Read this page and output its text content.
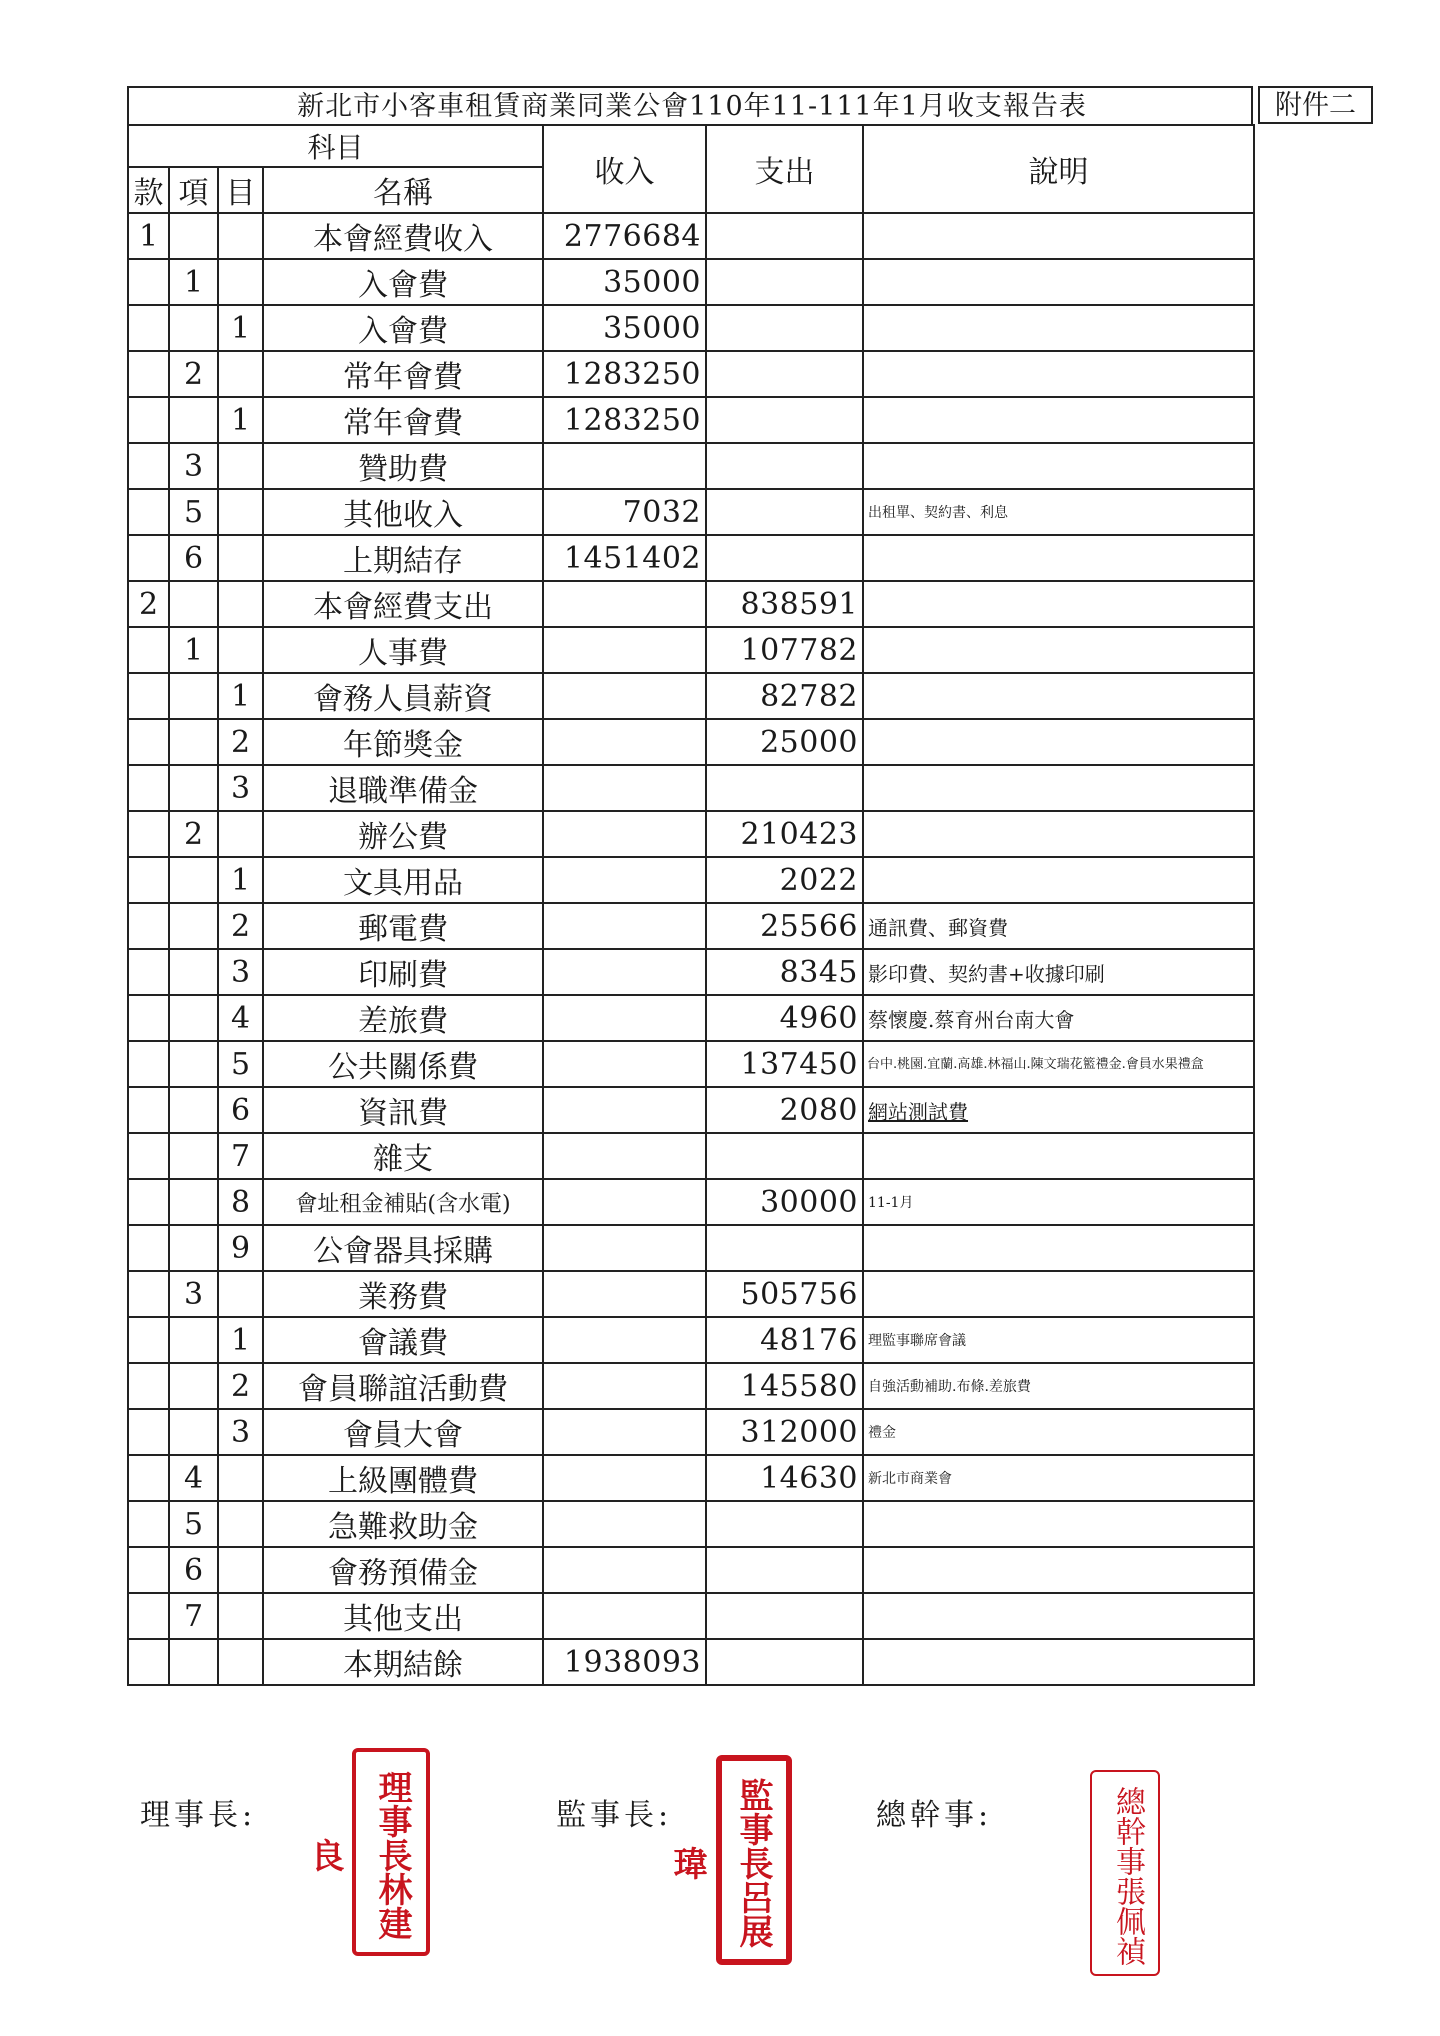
新北市小客車租賃商業同業公會110年11-111年1月收支報告表
科目				收入	支出	說明
款	項	目	名稱			
1			本會經費收入	2776684		
	1		入會費	35000		
		1	入會費	35000		
	2		常年會費	1283250		
		1	常年會費	1283250		
	3		贊助費			
	5		其他收入	7032		出租單、契約書、利息
	6		上期結存	1451402		
2			本會經費支出		838591	
	1		人事費		107782	
		1	會務人員薪資		82782	
		2	年節獎金		25000	
		3	退職準備金			
	2		辦公費		210423	
		1	文具用品		2022	
		2	郵電費		25566	通訊費、郵資費
		3	印刷費		8345	影印費、契約書+收據印刷
		4	差旅費		4960	蔡懷慶.蔡育州台南大會
		5	公共關係費		137450	台中.桃園.宜蘭.高雄.林福山.陳文瑞花籃禮金.會員水果禮盒
		6	資訊費		2080	網站測試費
		7	雜支			
		8	會址租金補貼(含水電)		30000	11-1月
		9	公會器具採購			
	3		業務費		505756	
		1	會議費		48176	理監事聯席會議
		2	會員聯誼活動費		145580	自強活動補助.布條.差旅費
		3	會員大會		312000	禮金
	4		上級團體費		14630	新北市商業會
	5		急難救助金			
	6		會務預備金			
	7		其他支出			
			本期結餘	1938093		
附件二
理事長:	監事長:	總幹事:
理事長林建良	監事長呂展瑋	總幹事張佩禎
